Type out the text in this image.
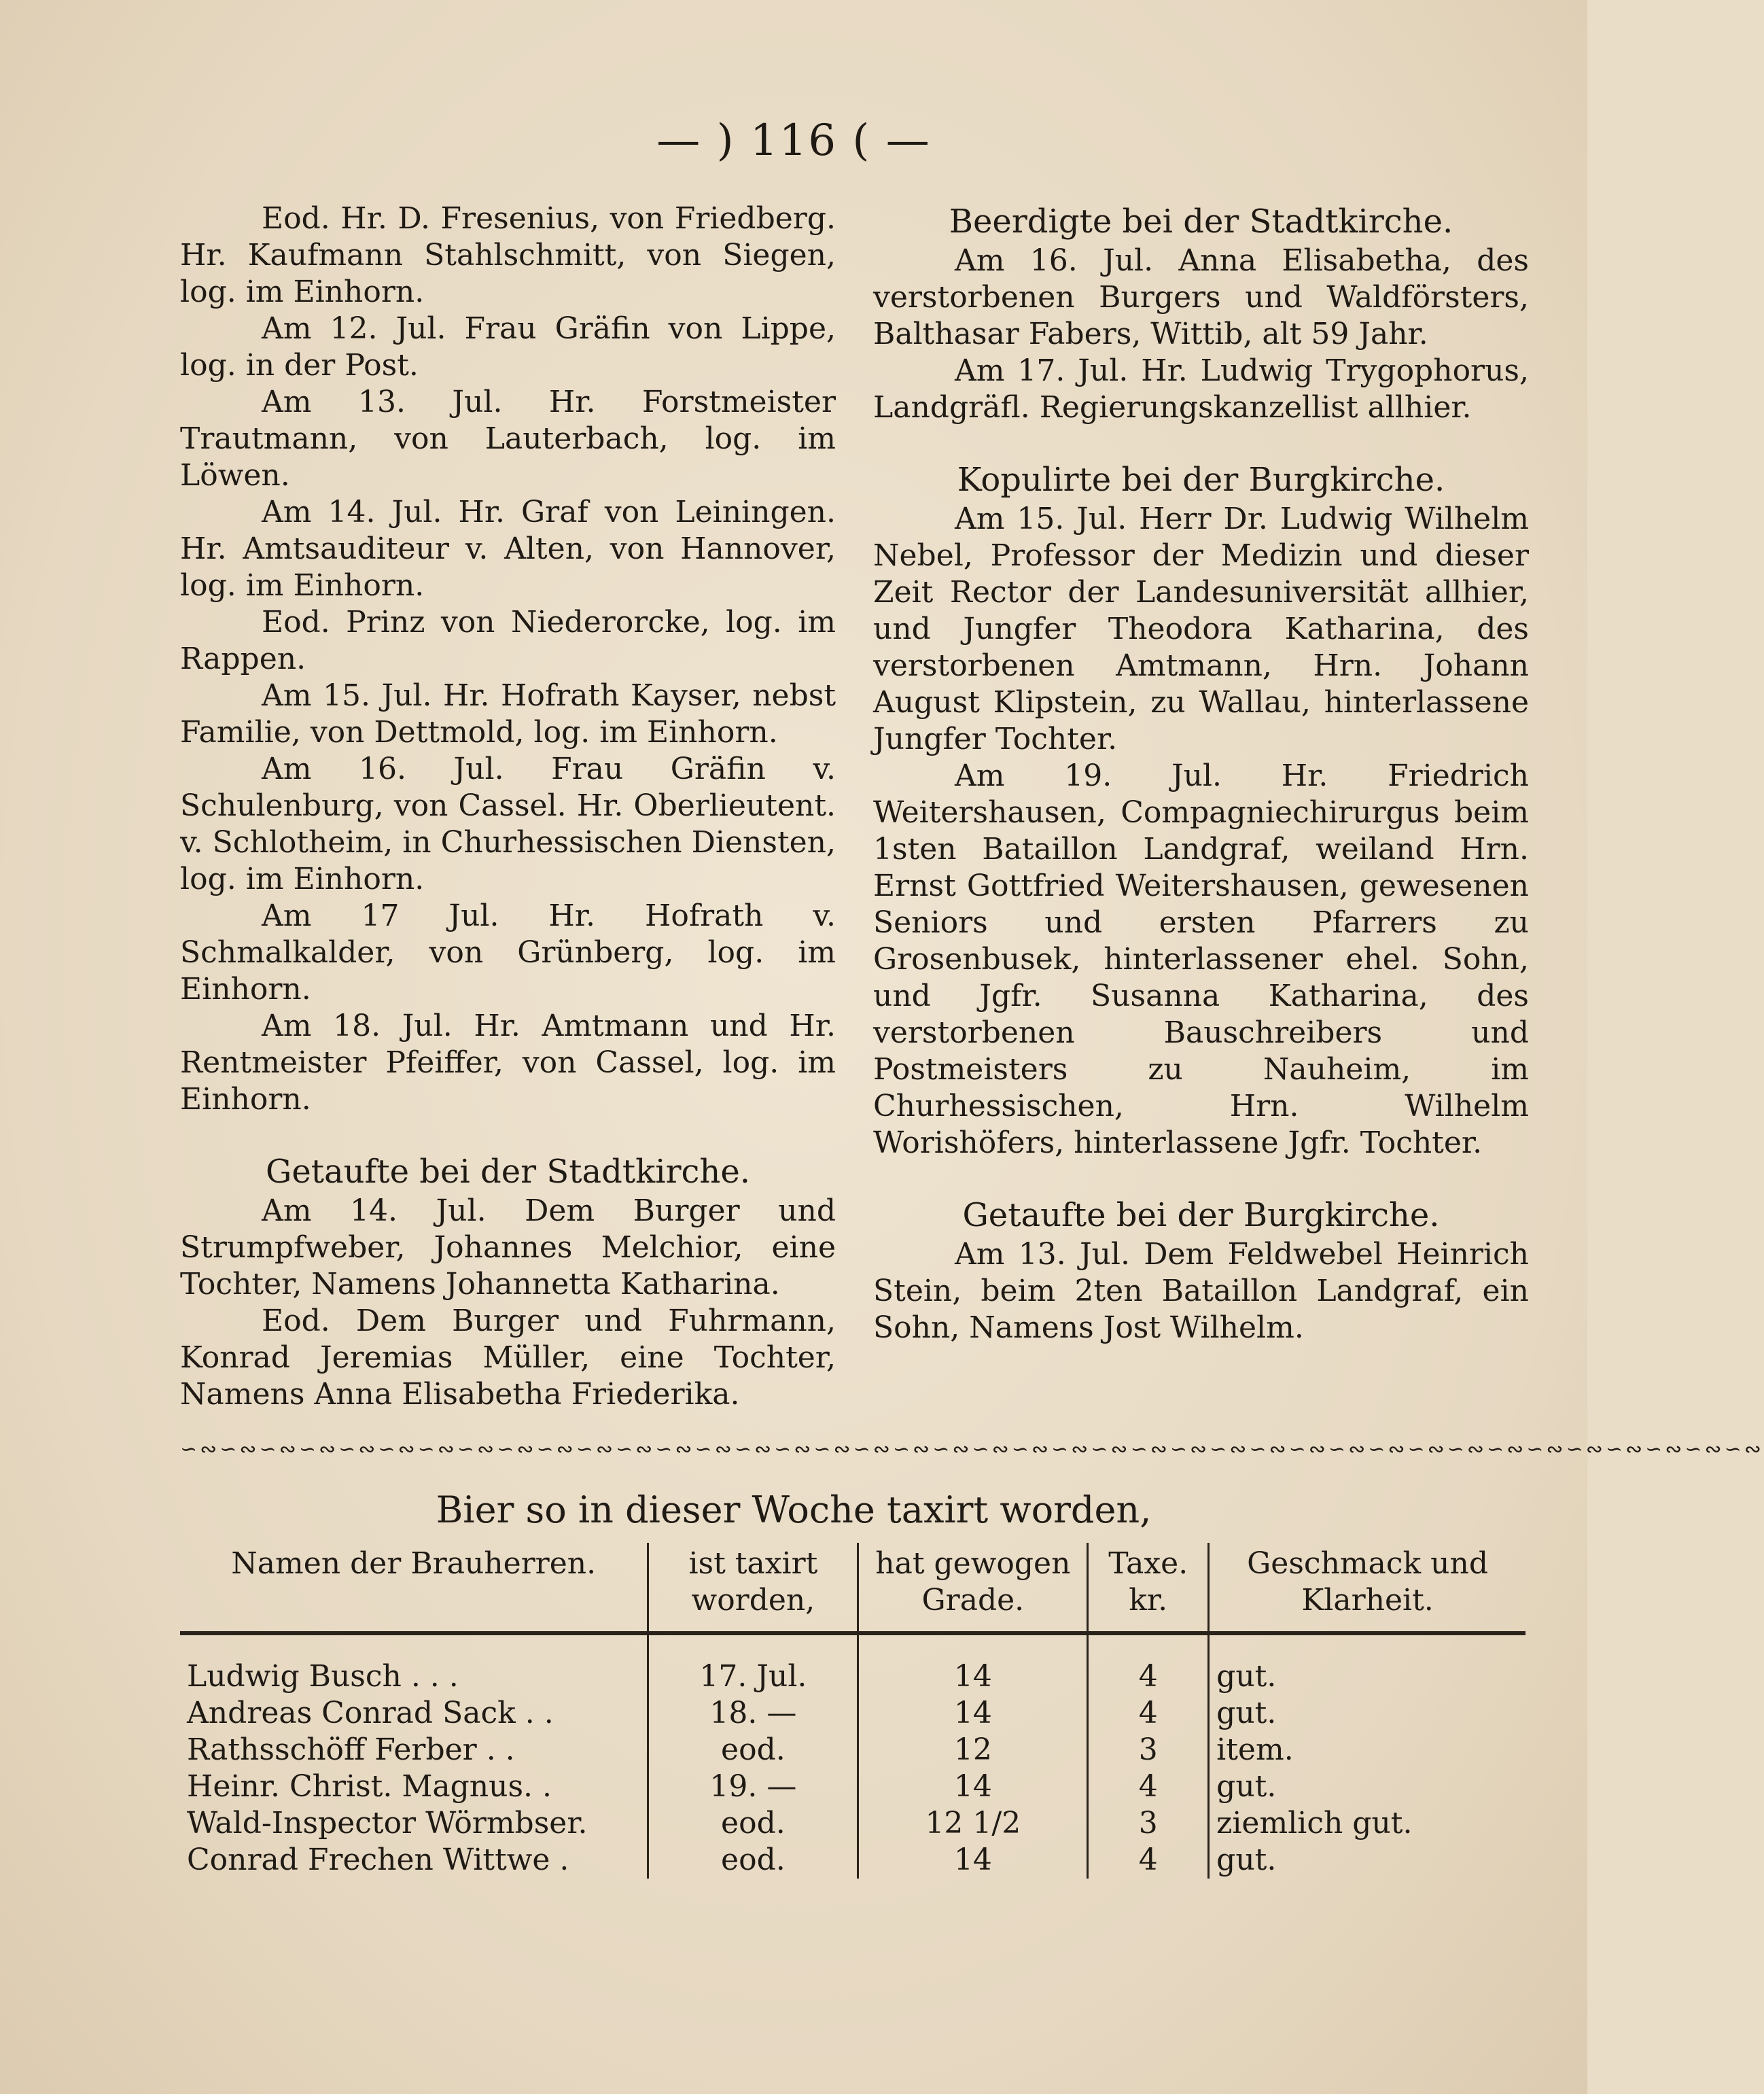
— ) 116 ( —

Eod. Hr. D. Fresenius, von Friedberg. Hr. Kaufmann Stahlschmitt, von Siegen, log. im Einhorn.

Am 12. Jul. Frau Gräfin von Lippe, log. in der Post.

Am 13. Jul. Hr. Forstmeister Trautmann, von Lauterbach, log. im Löwen.

Am 14. Jul. Hr. Graf von Leiningen. Hr. Amtsauditeur v. Alten, von Hannover, log. im Einhorn.

Eod. Prinz von Niederorcke, log. im Rappen.

Am 15. Jul. Hr. Hofrath Kayser, nebst Familie, von Dettmold, log. im Einhorn.

Am 16. Jul. Frau Gräfin v. Schulenburg, von Cassel. Hr. Oberlieutent. v. Schlotheim, in Churhessischen Diensten, log. im Einhorn.

Am 17 Jul. Hr. Hofrath v. Schmalkalder, von Grünberg, log. im Einhorn.

Am 18. Jul. Hr. Amtmann und Hr. Rentmeister Pfeiffer, von Cassel, log. im Einhorn.

Getaufte bei der Stadtkirche.

Am 14. Jul. Dem Burger und Strumpfweber, Johannes Melchior, eine Tochter, Namens Johannetta Katharina.

Eod. Dem Burger und Fuhrmann, Konrad Jeremias Müller, eine Tochter, Namens Anna Elisabetha Friederika.

Beerdigte bei der Stadtkirche.

Am 16. Jul. Anna Elisabetha, des verstorbenen Burgers und Waldförsters, Balthasar Fabers, Wittib, alt 59 Jahr.

Am 17. Jul. Hr. Ludwig Trygophorus, Landgräfl. Regierungskanzellist allhier.

Kopulirte bei der Burgkirche.

Am 15. Jul. Herr Dr. Ludwig Wilhelm Nebel, Professor der Medizin und dieser Zeit Rector der Landesuniversität allhier, und Jungfer Theodora Katharina, des verstorbenen Amtmann, Hrn. Johann August Klipstein, zu Wallau, hinterlassene Jungfer Tochter.

Am 19. Jul. Hr. Friedrich Weitershausen, Compagniechirurgus beim 1sten Bataillon Landgraf, weiland Hrn. Ernst Gottfried Weitershausen, gewesenen Seniors und ersten Pfarrers zu Grosenbusek, hinterlassener ehel. Sohn, und Jgfr. Susanna Katharina, des verstorbenen Bauschreibers und Postmeisters zu Nauheim, im Churhessischen, Hrn. Wilhelm Worishöfers, hinterlassene Jgfr. Tochter.

Getaufte bei der Burgkirche.

Am 13. Jul. Dem Feldwebel Heinrich Stein, beim 2ten Bataillon Landgraf, ein Sohn, Namens Jost Wilhelm.

∽∾∽∾∽∾∽∾∽∾∽∾∽∾∽∾∽∾∽∾∽∾∽∾∽∾∽∾∽∾∽∾∽∾∽∾∽∾∽∾∽∾∽∾∽∾∽∾∽∾∽∾∽∾∽∾∽∾∽∾∽∾∽∾∽∾∽∾∽∾∽∾∽∾∽∾∽∾∽∾
Bier so in dieser Woche taxirt worden,
Namen der Brauherren.	ist taxirt worden,	hat gewogen Grade.	Taxe. kr.	Geschmack und Klarheit.
Ludwig Busch . . .	17. Jul.	14	4	gut.
Andreas Conrad Sack . .	18. —	14	4	gut.
Rathsschöff Ferber . .	eod.	12	3	item.
Heinr. Christ. Magnus. .	19. —	14	4	gut.
Wald-Inspector Wörmbser.	eod.	12 1/2	3	ziemlich gut.
Conrad Frechen Wittwe .	eod.	14	4	gut.
